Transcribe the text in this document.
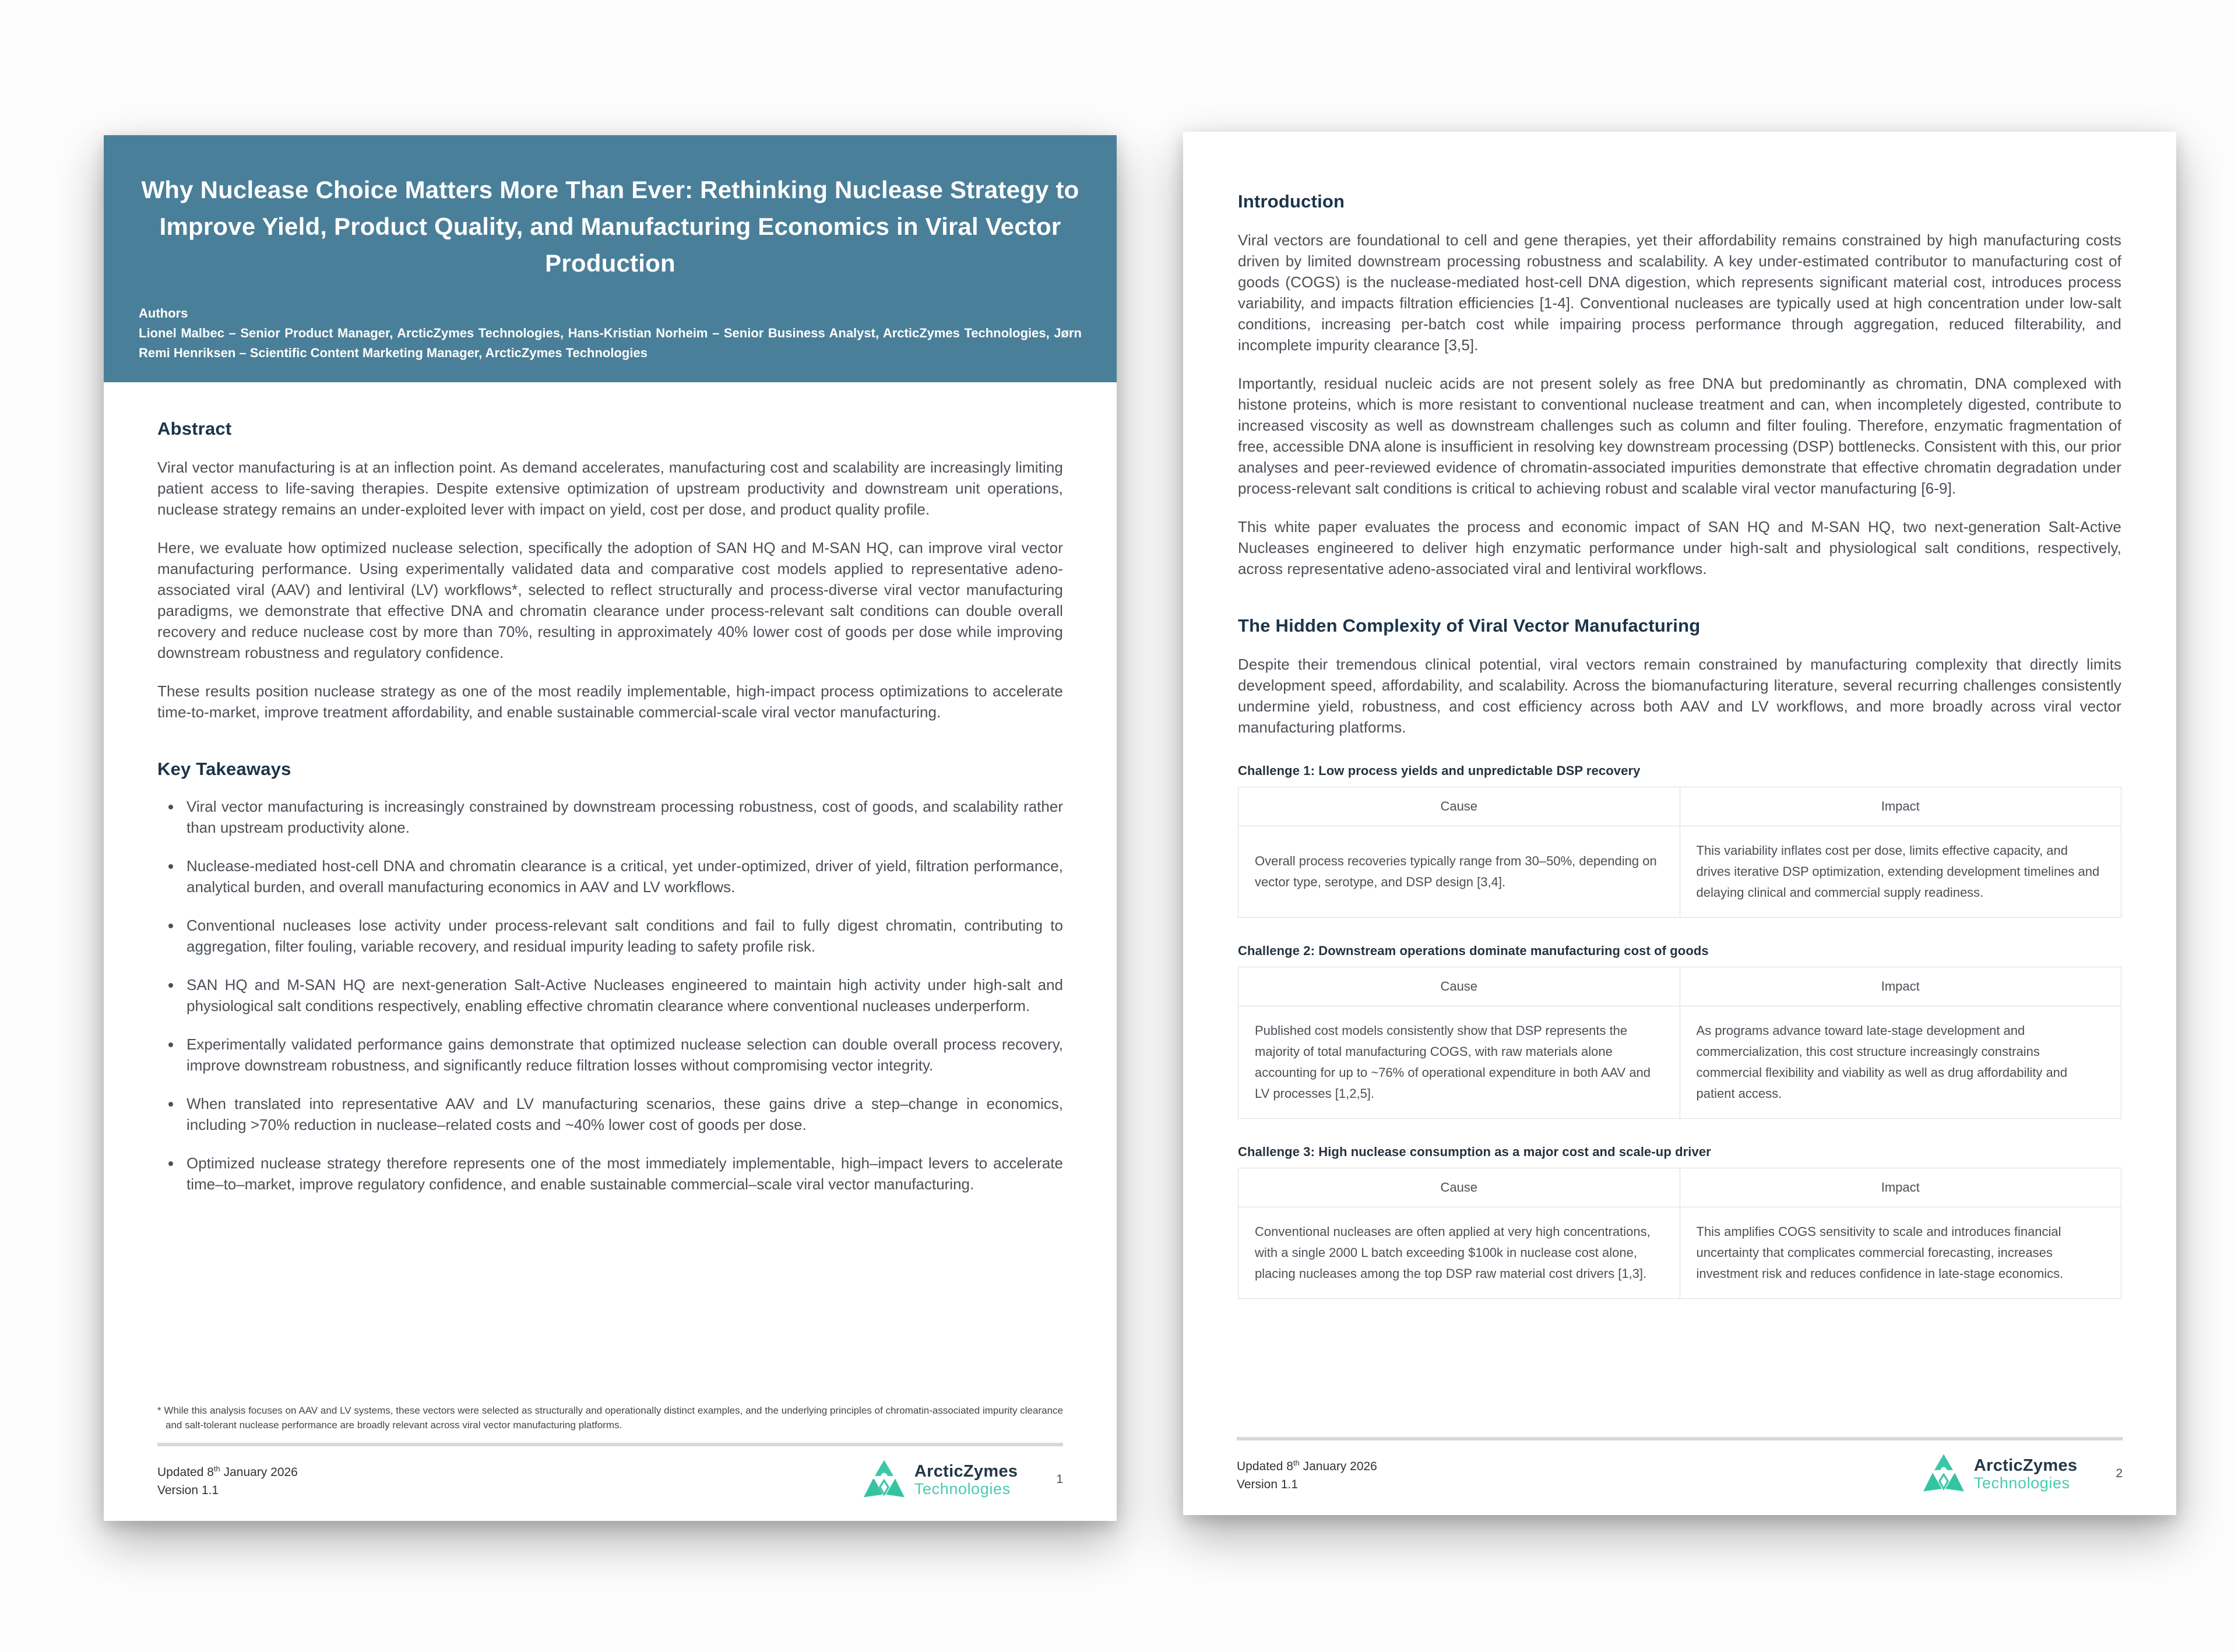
Why Nuclease Choice Matters More Than Ever: Rethinking Nuclease Strategy to Improve Yield, Product Quality, and Manufacturing Economics in Viral Vector Production
Authors
Lionel Malbec – Senior Product Manager, ArcticZymes Technologies, Hans-Kristian Norheim – Senior Business Analyst, ArcticZymes Technologies, Jørn Remi Henriksen – Scientific Content Marketing Manager, ArcticZymes Technologies
Abstract

Viral vector manufacturing is at an inflection point. As demand accelerates, manufacturing cost and scalability are increasingly limiting patient access to life-saving therapies. Despite extensive optimization of upstream productivity and downstream unit operations, nuclease strategy remains an under-exploited lever with impact on yield, cost per dose, and product quality profile.

Here, we evaluate how optimized nuclease selection, specifically the adoption of SAN HQ and M-SAN HQ, can improve viral vector manufacturing performance. Using experimentally validated data and comparative cost models applied to representative adeno-associated viral (AAV) and lentiviral (LV) workflows*, selected to reflect structurally and process-diverse viral vector manufacturing paradigms, we demonstrate that effective DNA and chromatin clearance under process-relevant salt conditions can double overall recovery and reduce nuclease cost by more than 70%, resulting in approximately 40% lower cost of goods per dose while improving downstream robustness and regulatory confidence.

These results position nuclease strategy as one of the most readily implementable, high-impact process optimizations to accelerate time-to-market, improve treatment affordability, and enable sustainable commercial-scale viral vector manufacturing.

Key Takeaways
• Viral vector manufacturing is increasingly constrained by downstream processing robustness, cost of goods, and scalability rather than upstream productivity alone.
• Nuclease-mediated host-cell DNA and chromatin clearance is a critical, yet under-optimized, driver of yield, filtration performance, analytical burden, and overall manufacturing economics in AAV and LV workflows.
• Conventional nucleases lose activity under process-relevant salt conditions and fail to fully digest chromatin, contributing to aggregation, filter fouling, variable recovery, and residual impurity leading to safety profile risk.
• SAN HQ and M-SAN HQ are next-generation Salt-Active Nucleases engineered to maintain high activity under high-salt and physiological salt conditions respectively, enabling effective chromatin clearance where conventional nucleases underperform.
• Experimentally validated performance gains demonstrate that optimized nuclease selection can double overall process recovery, improve downstream robustness, and significantly reduce filtration losses without compromising vector integrity.
• When translated into representative AAV and LV manufacturing scenarios, these gains drive a step–change in economics, including >70% reduction in nuclease–related costs and ~40% lower cost of goods per dose.
• Optimized nuclease strategy therefore represents one of the most immediately implementable, high–impact levers to accelerate time–to–market, improve regulatory confidence, and enable sustainable commercial–scale viral vector manufacturing.
* While this analysis focuses on AAV and LV systems, these vectors were selected as structurally and operationally distinct examples, and the underlying principles of chromatin-associated impurity clearance and salt-tolerant nuclease performance are broadly relevant across viral vector manufacturing platforms.
Updated 8th January 2026
Version 1.1
ArcticZymes
Technologies
1
Introduction

Viral vectors are foundational to cell and gene therapies, yet their affordability remains constrained by high manufacturing costs driven by limited downstream processing robustness and scalability. A key under-estimated contributor to manufacturing cost of goods (COGS) is the nuclease-mediated host-cell DNA digestion, which represents significant material cost, introduces process variability, and impacts filtration efficiencies [1-4]. Conventional nucleases are typically used at high concentration under low-salt conditions, increasing per-batch cost while impairing process performance through aggregation, reduced filterability, and incomplete impurity clearance [3,5].

Importantly, residual nucleic acids are not present solely as free DNA but predominantly as chromatin, DNA complexed with histone proteins, which is more resistant to conventional nuclease treatment and can, when incompletely digested, contribute to increased viscosity as well as downstream challenges such as column and filter fouling. Therefore, enzymatic fragmentation of free, accessible DNA alone is insufficient in resolving key downstream processing (DSP) bottlenecks. Consistent with this, our prior analyses and peer-reviewed evidence of chromatin-associated impurities demonstrate that effective chromatin degradation under process-relevant salt conditions is critical to achieving robust and scalable viral vector manufacturing [6-9].

This white paper evaluates the process and economic impact of SAN HQ and M-SAN HQ, two next-generation Salt-Active Nucleases engineered to deliver high enzymatic performance under high-salt and physiological salt conditions, respectively, across representative adeno-associated viral and lentiviral workflows.

The Hidden Complexity of Viral Vector Manufacturing

Despite their tremendous clinical potential, viral vectors remain constrained by manufacturing complexity that directly limits development speed, affordability, and scalability. Across the biomanufacturing literature, several recurring challenges consistently undermine yield, robustness, and cost efficiency across both AAV and LV workflows, and more broadly across viral vector manufacturing platforms.

Challenge 1: Low process yields and unpredictable DSP recovery
Cause	Impact
Overall process recoveries typically range from 30–50%, depending on vector type, serotype, and DSP design [3,4].	This variability inflates cost per dose, limits effective capacity, and drives iterative DSP optimization, extending development timelines and delaying clinical and commercial supply readiness.
Challenge 2: Downstream operations dominate manufacturing cost of goods
Cause	Impact
Published cost models consistently show that DSP represents the majority of total manufacturing COGS, with raw materials alone accounting for up to ~76% of operational expenditure in both AAV and LV processes [1,2,5].	As programs advance toward late-stage development and commercialization, this cost structure increasingly constrains commercial flexibility and viability as well as drug affordability and patient access.
Challenge 3: High nuclease consumption as a major cost and scale-up driver
Cause	Impact
Conventional nucleases are often applied at very high concentrations, with a single 2000 L batch exceeding $100k in nuclease cost alone, placing nucleases among the top DSP raw material cost drivers [1,3].	This amplifies COGS sensitivity to scale and introduces financial uncertainty that complicates commercial forecasting, increases investment risk and reduces confidence in late-stage economics.
Updated 8th January 2026
Version 1.1
ArcticZymes
Technologies
2
